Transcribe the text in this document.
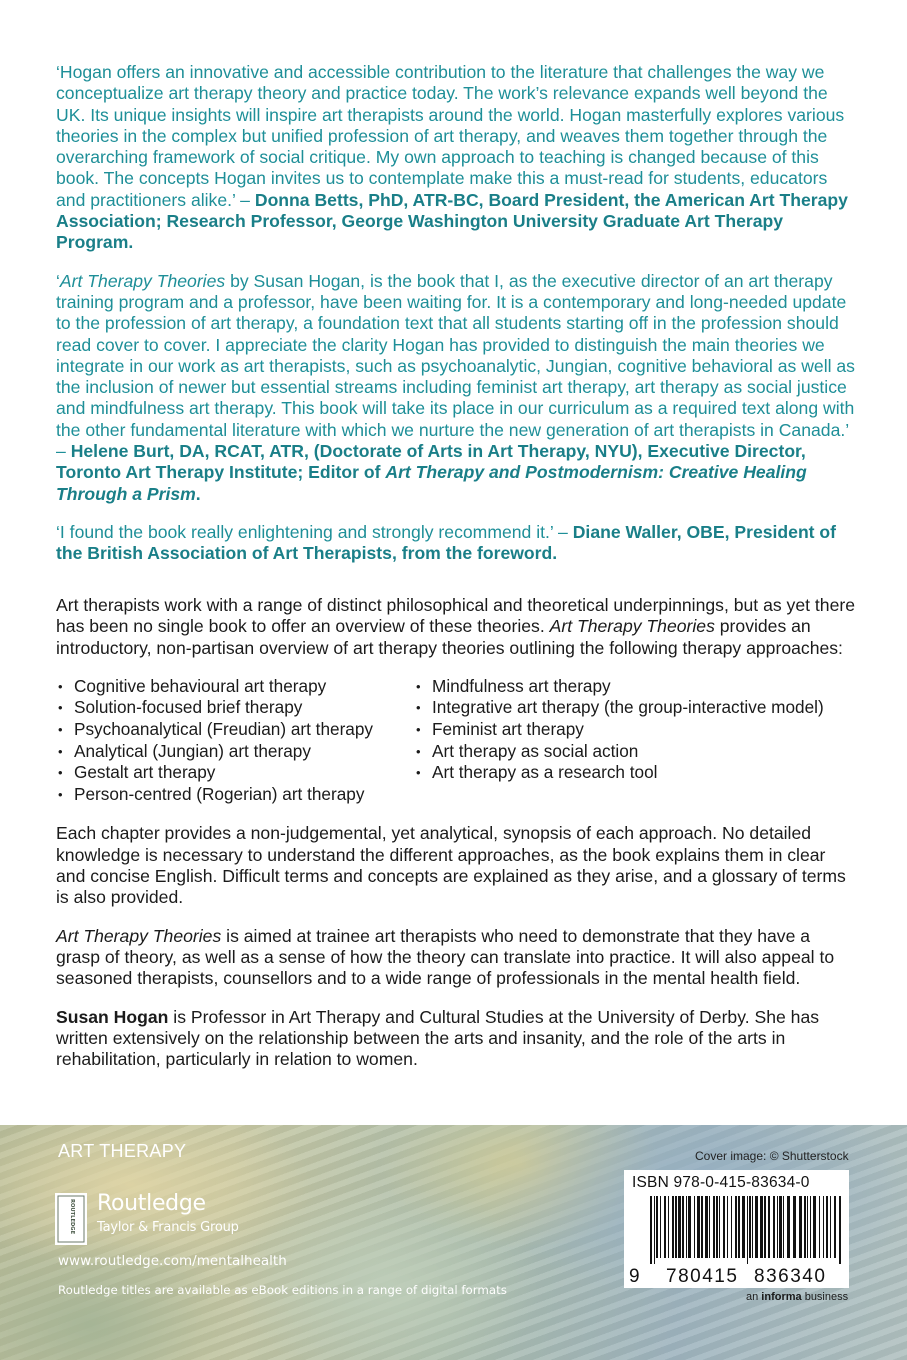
‘Hogan offers an innovative and accessible contribution to the literature that challenges the way we conceptualize art therapy theory and practice today. The work’s relevance expands well beyond the UK. Its unique insights will inspire art therapists around the world. Hogan masterfully explores various theories in the complex but unified profession of art therapy, and weaves them together through the overarching framework of social critique. My own approach to teaching is changed because of this book. The concepts Hogan invites us to contemplate make this a must-read for students, educators and practitioners alike.’ – Donna Betts, PhD, ATR-BC, Board President, the American Art Therapy Association; Research Professor, George Washington University Graduate Art Therapy Program.

‘Art Therapy Theories by Susan Hogan, is the book that I, as the executive director of an art therapy training program and a professor, have been waiting for. It is a contemporary and long-needed update to the profession of art therapy, a foundation text that all students starting off in the profession should read cover to cover. I appreciate the clarity Hogan has provided to distinguish the main theories we integrate in our work as art therapists, such as psychoanalytic, Jungian, cognitive behavioral as well as the inclusion of newer but essential streams including feminist art therapy, art therapy as social justice and mindfulness art therapy. This book will take its place in our curriculum as a required text along with the other fundamental literature with which we nurture the new generation of art therapists in Canada.’ – Helene Burt, DA, RCAT, ATR, (Doctorate of Arts in Art Therapy, NYU), Executive Director, Toronto Art Therapy Institute; Editor of Art Therapy and Postmodernism: Creative Healing Through a Prism.

‘I found the book really enlightening and strongly recommend it.’ – Diane Waller, OBE, President of the British Association of Art Therapists, from the foreword.

Art therapists work with a range of distinct philosophical and theoretical underpinnings, but as yet there has been no single book to offer an overview of these theories. Art Therapy Theories provides an introductory, non-partisan overview of art therapy theories outlining the following therapy approaches:

• Cognitive behavioural art therapy
• Solution-focused brief therapy
• Psychoanalytical (Freudian) art therapy
• Analytical (Jungian) art therapy
• Gestalt art therapy
• Person-centred (Rogerian) art therapy
• Mindfulness art therapy
• Integrative art therapy (the group-interactive model)
• Feminist art therapy
• Art therapy as social action
• Art therapy as a research tool

Each chapter provides a non-judgemental, yet analytical, synopsis of each approach. No detailed knowledge is necessary to understand the different approaches, as the book explains them in clear and concise English. Difficult terms and concepts are explained as they arise, and a glossary of terms is also provided.

Art Therapy Theories is aimed at trainee art therapists who need to demonstrate that they have a grasp of theory, as well as a sense of how the theory can translate into practice. It will also appeal to seasoned therapists, counsellors and to a wide range of professionals in the mental health field.

Susan Hogan is Professor in Art Therapy and Cultural Studies at the University of Derby. She has written extensively on the relationship between the arts and insanity, and the role of the arts in rehabilitation, particularly in relation to women.

ART THERAPY
ROUTLEDGE Routledge
Taylor & Francis Group
www.routledge.com/mentalhealth
Routledge titles are available as eBook editions in a range of digital formats
Cover image: © Shutterstock
ISBN 978-0-415-83634-0
9 780415 836340
an informa business
